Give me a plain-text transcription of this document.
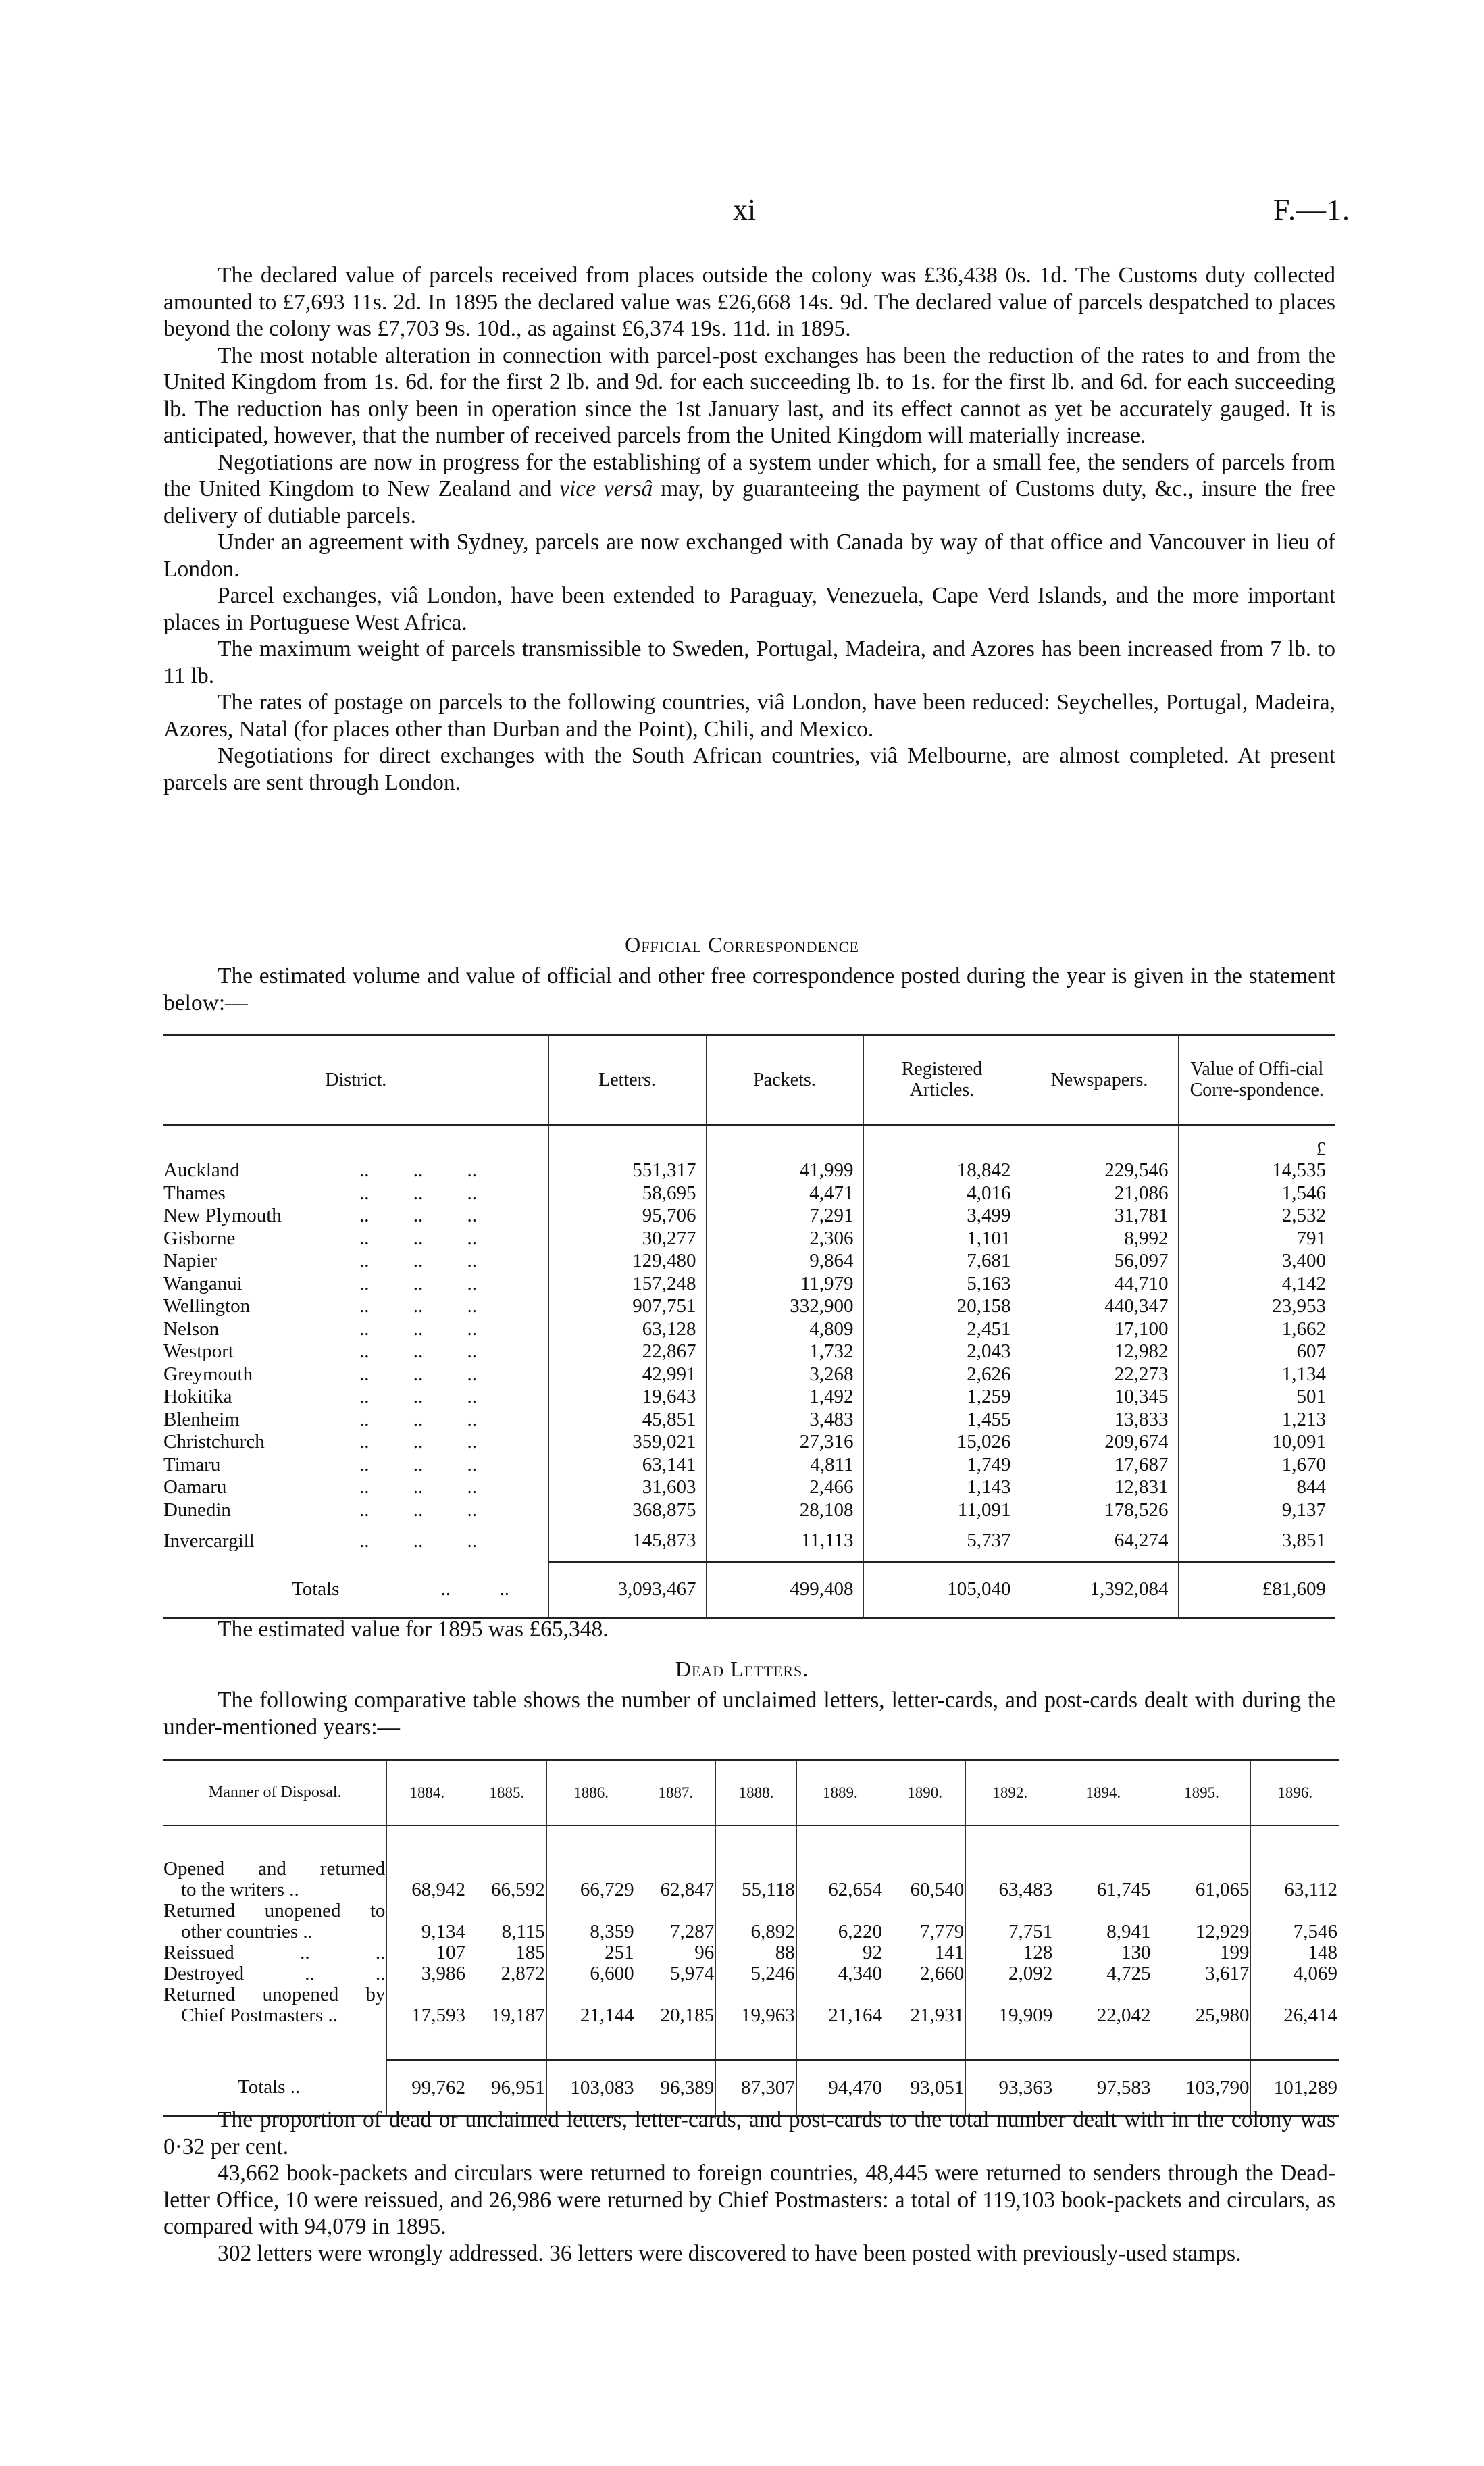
xi	F.—1.

The declared value of parcels received from places outside the colony was £36,438 0s. 1d. The Customs duty collected amounted to £7,693 11s. 2d. In 1895 the declared value was £26,668 14s. 9d. The declared value of parcels despatched to places beyond the colony was £7,703 9s. 10d., as against £6,374 19s. 11d. in 1895.

The most notable alteration in connection with parcel-post exchanges has been the reduction of the rates to and from the United Kingdom from 1s. 6d. for the first 2 lb. and 9d. for each succeeding lb. to 1s. for the first lb. and 6d. for each succeeding lb. The reduction has only been in operation since the 1st January last, and its effect cannot as yet be accurately gauged. It is anticipated, however, that the number of received parcels from the United Kingdom will materially increase.

Negotiations are now in progress for the establishing of a system under which, for a small fee, the senders of parcels from the United Kingdom to New Zealand and vice versâ may, by guaranteeing the payment of Customs duty, &c., insure the free delivery of dutiable parcels.

Under an agreement with Sydney, parcels are now exchanged with Canada by way of that office and Vancouver in lieu of London.

Parcel exchanges, viâ London, have been extended to Paraguay, Venezuela, Cape Verd Islands, and the more important places in Portuguese West Africa.

The maximum weight of parcels transmissible to Sweden, Portugal, Madeira, and Azores has been increased from 7 lb. to 11 lb.

The rates of postage on parcels to the following countries, viâ London, have been reduced: Seychelles, Portugal, Madeira, Azores, Natal (for places other than Durban and the Point), Chili, and Mexico.

Negotiations for direct exchanges with the South African countries, viâ Melbourne, are almost completed. At present parcels are sent through London.

Official Correspondence

The estimated volume and value of official and other free correspondence posted during the year is given in the statement below:—

District.	Letters.	Packets.	Registered Articles.	Newspapers.	Value of Offi-cial Corre-spondence.
					£
Auckland ..         ..         ..	551,317	41,999	18,842	229,546	14,535
Thames ..         ..         ..	58,695	4,471	4,016	21,086	1,546
New Plymouth ..         ..         ..	95,706	7,291	3,499	31,781	2,532
Gisborne ..         ..         ..	30,277	2,306	1,101	8,992	791
Napier ..         ..         ..	129,480	9,864	7,681	56,097	3,400
Wanganui ..         ..         ..	157,248	11,979	5,163	44,710	4,142
Wellington ..         ..         ..	907,751	332,900	20,158	440,347	23,953
Nelson ..         ..         ..	63,128	4,809	2,451	17,100	1,662
Westport ..         ..         ..	22,867	1,732	2,043	12,982	607
Greymouth ..         ..         ..	42,991	3,268	2,626	22,273	1,134
Hokitika ..         ..         ..	19,643	1,492	1,259	10,345	501
Blenheim ..         ..         ..	45,851	3,483	1,455	13,833	1,213
Christchurch ..         ..         ..	359,021	27,316	15,026	209,674	10,091
Timaru ..         ..         ..	63,141	4,811	1,749	17,687	1,670
Oamaru ..         ..         ..	31,603	2,466	1,143	12,831	844
Dunedin ..         ..         ..	368,875	28,108	11,091	178,526	9,137
Invercargill ..         ..         ..	145,873	11,113	5,737	64,274	3,851
Totals ..          ..	3,093,467	499,408	105,040	1,392,084	£81,609

The estimated value for 1895 was £65,348.

Dead Letters.

The following comparative table shows the number of unclaimed letters, letter-cards, and post-cards dealt with during the under-mentioned years:—

Manner of Disposal.	1884.	1885.	1886.	1887.	1888.	1889.	1890.	1892.	1894.	1895.	1896.

Opened and returned
to the writers ..	68,942	66,592	66,729	62,847	55,118	62,654	60,540	63,483	61,745	61,065	63,112

Returned unopened to
other countries ..	9,134	8,115	8,359	7,287	6,892	6,220	7,779	7,751	8,941	12,929	7,546

Reissued .. ..	107	185	251	96	88	92	141	128	130	199	148

Destroyed .. ..	3,986	2,872	6,600	5,974	5,246	4,340	2,660	2,092	4,725	3,617	4,069

Returned unopened by
Chief Postmasters ..	17,593	19,187	21,144	20,185	19,963	21,164	21,931	19,909	22,042	25,980	26,414

Totals ..	99,762	96,951	103,083	96,389	87,307	94,470	93,051	93,363	97,583	103,790	101,289

The proportion of dead or unclaimed letters, letter-cards, and post-cards to the total number dealt with in the colony was 0·32 per cent.

43,662 book-packets and circulars were returned to foreign countries, 48,445 were returned to senders through the Dead-letter Office, 10 were reissued, and 26,986 were returned by Chief Postmasters: a total of 119,103 book-packets and circulars, as compared with 94,079 in 1895.

302 letters were wrongly addressed. 36 letters were discovered to have been posted with previously-used stamps.
